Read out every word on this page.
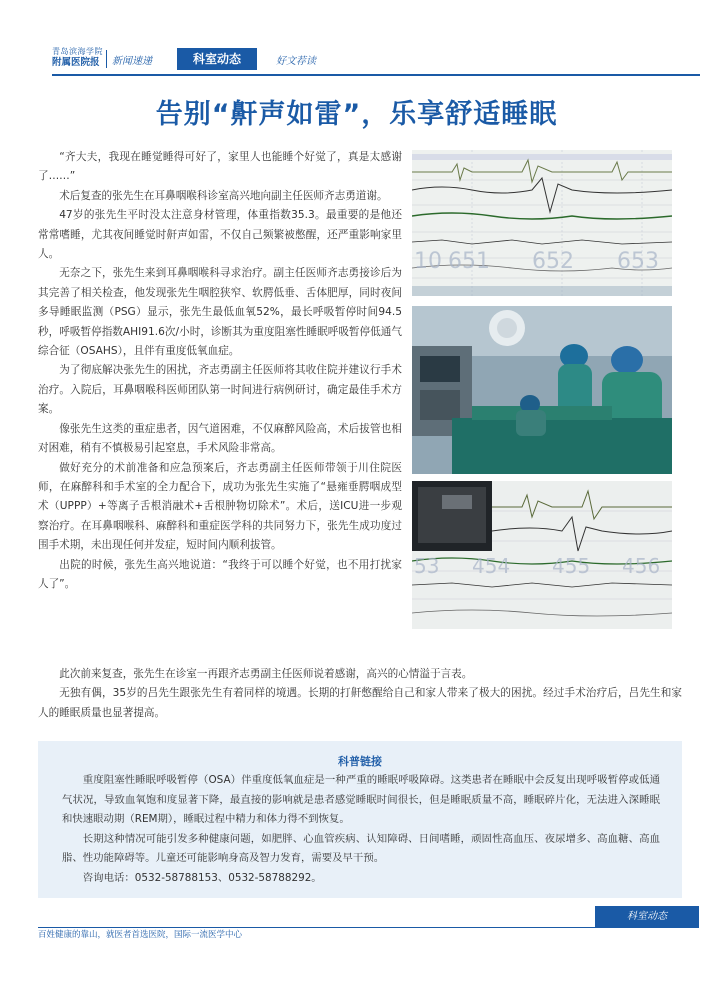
青岛滨海学院
附属医院报	新闻速递	科室动态	好文荐读
告别“鼾声如雷”，乐享舒适睡眠

“齐大夫，我现在睡觉睡得可好了，家里人也能睡个好觉了，真是太感谢了……”

术后复查的张先生在耳鼻咽喉科诊室高兴地向副主任医师齐志勇道谢。

47岁的张先生平时没太注意身材管理，体重指数35.3。最重要的是他还常常嗜睡，尤其夜间睡觉时鼾声如雷，不仅自己频繁被憋醒，还严重影响家里人。

无奈之下，张先生来到耳鼻咽喉科寻求治疗。副主任医师齐志勇接诊后为其完善了相关检查，他发现张先生咽腔狭窄、软腭低垂、舌体肥厚，同时夜间多导睡眠监测（PSG）显示，张先生最低血氧52%，最长呼吸暂停时间94.5秒，呼吸暂停指数AHI91.6次/小时，诊断其为重度阻塞性睡眠呼吸暂停低通气综合征（OSAHS），且伴有重度低氧血症。

为了彻底解决张先生的困扰，齐志勇副主任医师将其收住院并建议行手术治疗。入院后，耳鼻咽喉科医师团队第一时间进行病例研讨，确定最佳手术方案。

像张先生这类的重症患者，因气道困难，不仅麻醉风险高，术后拔管也相对困难，稍有不慎极易引起窒息，手术风险非常高。

做好充分的术前准备和应急预案后，齐志勇副主任医师带领于川住院医师，在麻醉科和手术室的全力配合下，成功为张先生实施了“悬雍垂腭咽成型术（UPPP）+等离子舌根消融术+舌根肿物切除术”。术后，送ICU进一步观察治疗。在耳鼻咽喉科、麻醉科和重症医学科的共同努力下，张先生成功度过围手术期，未出现任何并发症，短时间内顺利拔管。

出院的时候，张先生高兴地说道：“我终于可以睡个好觉，也不用打扰家人了”。

10 651 652 653
53 454 455 456

此次前来复查，张先生在诊室一再跟齐志勇副主任医师说着感谢，高兴的心情溢于言表。

无独有偶，35岁的吕先生跟张先生有着同样的境遇。长期的打鼾憋醒给自己和家人带来了极大的困扰。经过手术治疗后，吕先生和家人的睡眠质量也显著提高。

科普链接

重度阻塞性睡眠呼吸暂停（OSA）伴重度低氧血症是一种严重的睡眠呼吸障碍。这类患者在睡眠中会反复出现呼吸暂停或低通气状况，导致血氧饱和度显著下降，最直接的影响就是患者感觉睡眠时间很长，但是睡眠质量不高，睡眠碎片化，无法进入深睡眠和快速眼动期（REM期），睡眠过程中精力和体力得不到恢复。

长期这种情况可能引发多种健康问题，如肥胖、心血管疾病、认知障碍、日间嗜睡，顽固性高血压、夜尿增多、高血糖、高血脂、性功能障碍等。儿童还可能影响身高及智力发育，需要及早干预。

咨询电话：0532-58788153、0532-58788292。

科室动态
百姓健康的靠山，就医者首选医院，国际一流医学中心
